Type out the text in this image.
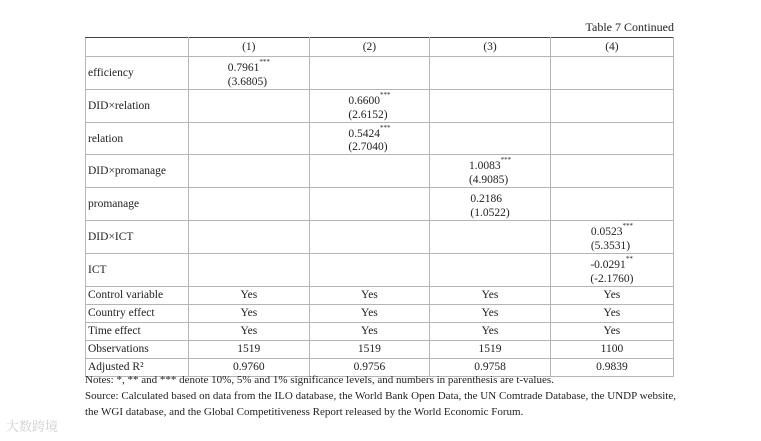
Table 7 Continued
	(1)	(2)	(3)	(4)
efficiency	0.7961***
(3.6805)			

DID×relation		0.6600***
(2.6152)		

relation		0.5424***
(2.7040)		

DID×promanage			1.0083***
(4.9085)	

promanage			0.2186
(1.0522)	

DID×ICT				0.0523***
(5.3531)

ICT				-0.0291**
(-2.1760)

Control variable	Yes	Yes	Yes	Yes
Country effect	Yes	Yes	Yes	Yes
Time effect	Yes	Yes	Yes	Yes
Observations	1519	1519	1519	1100
Adjusted R²	0.9760	0.9756	0.9758	0.9839

Notes: *, ** and *** denote 10%, 5% and 1% significance levels, and numbers in parenthesis are t-values.

Source: Calculated based on data from the ILO database, the World Bank Open Data, the UN Comtrade Database, the UNDP website, the WGI database, and the Global Competitiveness Report released by the World Economic Forum.

大数跨境
